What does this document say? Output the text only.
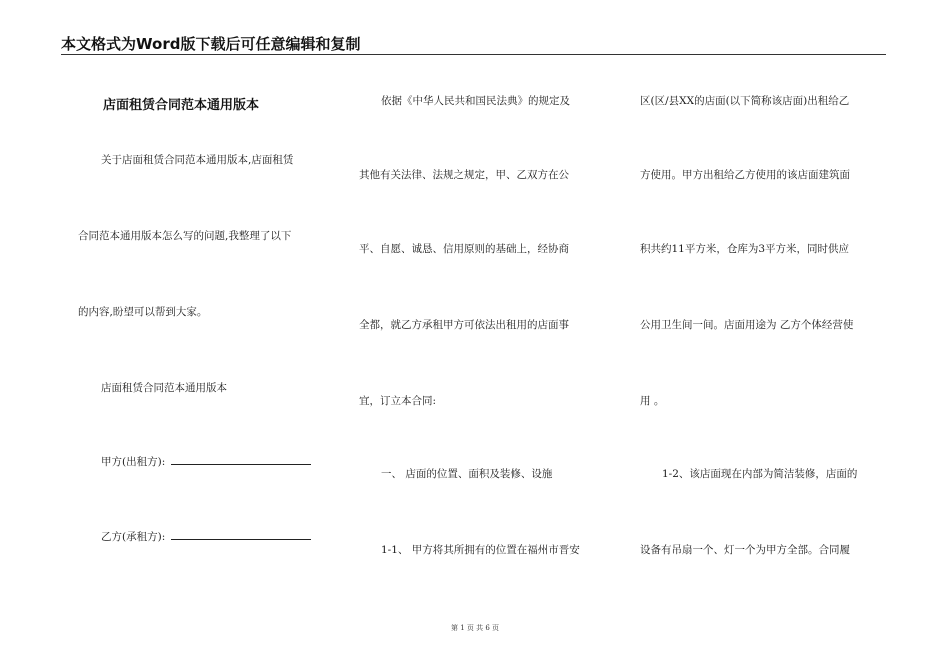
本文格式为Word版下载后可任意编辑和复制
店面租赁合同范本通用版本
关于店面租赁合同范本通用版本,店面租赁
合同范本通用版本怎么写的问题,我整理了以下
的内容,盼望可以帮到大家。
店面租赁合同范本通用版本
甲方(出租方):
乙方(承租方):
依据《中华人民共和国民法典》的规定及
其他有关法律、法规之规定，甲、乙双方在公
平、自愿、诚恳、信用原则的基础上，经协商
全都，就乙方承租甲方可依法出租用的店面事
宜，订立本合同:
一、 店面的位置、面积及装修、设施
1-1、 甲方将其所拥有的位置在福州市晋安
区(区/县XX的店面(以下简称该店面)出租给乙
方使用。甲方出租给乙方使用的该店面建筑面
积共约11平方米，仓库为3平方米，同时供应
公用卫生间一间。店面用途为 乙方个体经营使
用 。
1-2、该店面现在内部为简洁装修，店面的
设备有吊扇一个、灯一个为甲方全部。合同履
第 1 页 共 6 页
